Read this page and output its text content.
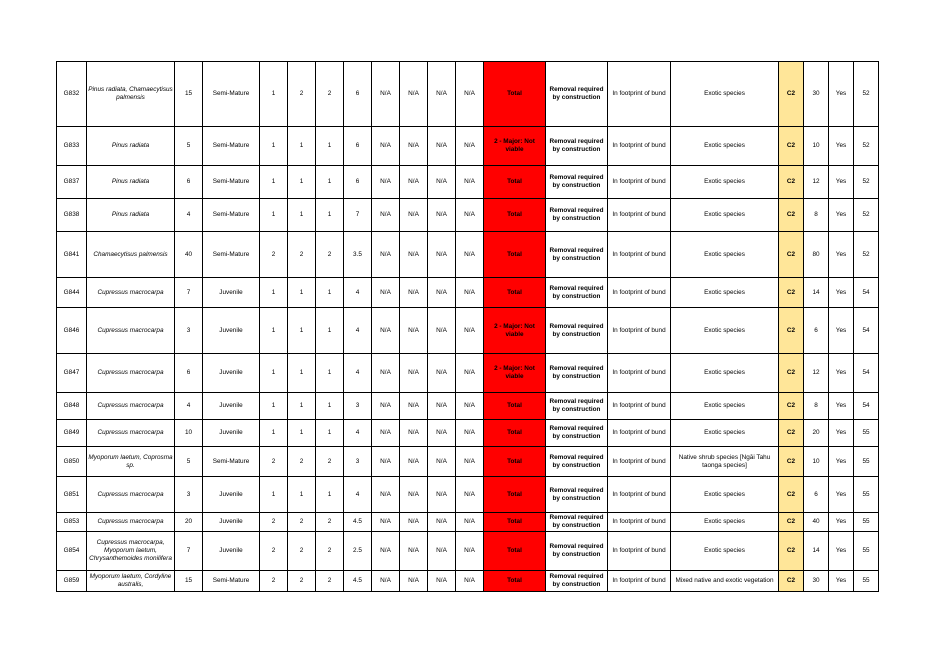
G832	Pinus radiata, Chamaecytisus palmensis	15	Semi-Mature	1	2	2	6	N/A	N/A	N/A	N/A	Total	Removal required by construction	In footprint of bund	Exotic species	C2	30	Yes	52
G833	Pinus radiata	5	Semi-Mature	1	1	1	6	N/A	N/A	N/A	N/A	2 - Major: Not viable	Removal required by construction	In footprint of bund	Exotic species	C2	10	Yes	52
G837	Pinus radiata	6	Semi-Mature	1	1	1	6	N/A	N/A	N/A	N/A	Total	Removal required by construction	In footprint of bund	Exotic species	C2	12	Yes	52
G838	Pinus radiata	4	Semi-Mature	1	1	1	7	N/A	N/A	N/A	N/A	Total	Removal required by construction	In footprint of bund	Exotic species	C2	8	Yes	52
G841	Chamaecytisus palmensis	40	Semi-Mature	2	2	2	3.5	N/A	N/A	N/A	N/A	Total	Removal required by construction	In footprint of bund	Exotic species	C2	80	Yes	52
G844	Cupressus macrocarpa	7	Juvenile	1	1	1	4	N/A	N/A	N/A	N/A	Total	Removal required by construction	In footprint of bund	Exotic species	C2	14	Yes	54
G846	Cupressus macrocarpa	3	Juvenile	1	1	1	4	N/A	N/A	N/A	N/A	2 - Major: Not viable	Removal required by construction	In footprint of bund	Exotic species	C2	6	Yes	54
G847	Cupressus macrocarpa	6	Juvenile	1	1	1	4	N/A	N/A	N/A	N/A	2 - Major: Not viable	Removal required by construction	In footprint of bund	Exotic species	C2	12	Yes	54
G848	Cupressus macrocarpa	4	Juvenile	1	1	1	3	N/A	N/A	N/A	N/A	Total	Removal required by construction	In footprint of bund	Exotic species	C2	8	Yes	54
G849	Cupressus macrocarpa	10	Juvenile	1	1	1	4	N/A	N/A	N/A	N/A	Total	Removal required by construction	In footprint of bund	Exotic species	C2	20	Yes	55
G850	Myoporum laetum, Coprosma sp.	5	Semi-Mature	2	2	2	3	N/A	N/A	N/A	N/A	Total	Removal required by construction	In footprint of bund	Native shrub species [Ngāi Tahu taonga species]	C2	10	Yes	55
G851	Cupressus macrocarpa	3	Juvenile	1	1	1	4	N/A	N/A	N/A	N/A	Total	Removal required by construction	In footprint of bund	Exotic species	C2	6	Yes	55
G853	Cupressus macrocarpa	20	Juvenile	2	2	2	4.5	N/A	N/A	N/A	N/A	Total	Removal required by construction	In footprint of bund	Exotic species	C2	40	Yes	55
G854	Cupressus macrocarpa, Myoporum laetum, Chrysanthemoides monilifera	7	Juvenile	2	2	2	2.5	N/A	N/A	N/A	N/A	Total	Removal required by construction	In footprint of bund	Exotic species	C2	14	Yes	55
G859	Myoporum laetum, Cordyline australis,	15	Semi-Mature	2	2	2	4.5	N/A	N/A	N/A	N/A	Total	Removal required by construction	In footprint of bund	Mixed native and exotic vegetation	C2	30	Yes	55
